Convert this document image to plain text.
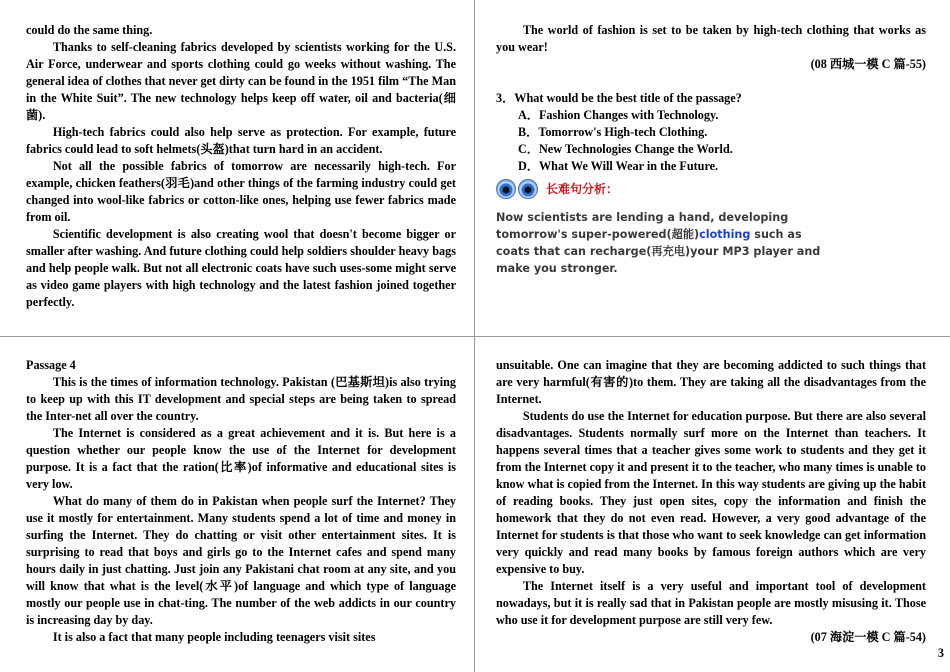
could do the same thing.

Thanks to self-cleaning fabrics developed by scientists working for the U.S. Air Force, underwear and sports clothing could go weeks without washing. The general idea of clothes that never get dirty can be found in the 1951 film “The Man in the White Suit”. The new technology helps keep off water, oil and bacteria(细菌).

High-tech fabrics could also help serve as protection. For example, future fabrics could lead to soft helmets(头盔)that turn hard in an accident.

Not all the possible fabrics of tomorrow are necessarily high-tech. For example, chicken feathers(羽毛)and other things of the farming industry could get changed into wool-like fabrics or cotton-like ones, helping use fewer fabrics made from oil.

Scientific development is also creating wool that doesn't become bigger or smaller after washing. And future clothing could help soldiers shoulder heavy bags and help people walk. But not all electronic coats have such uses-some might serve as video game players with high technology and the latest fashion joined together perfectly.

The world of fashion is set to be taken by high-tech clothing that works as you wear!

(08 西城一模 C 篇-55)

3．What would be the best title of the passage?

A．Fashion Changes with Technology.

B．Tomorrow's High-tech Clothing.

C．New Technologies Change the World.

D．What We Will Wear in the Future.

长难句分析：
Now scientists are lending a hand, developing tomorrow's super-powered(超能)clothing such as coats that can recharge(再充电)your MP3 player and make you stronger.

Passage 4

This is the times of information technology. Pakistan (巴基斯坦)is also trying to keep up with this IT development and special steps are being taken to spread the Inter-net all over the country.

The Internet is considered as a great achievement and it is. But here is a question whether our people know the use of the Internet for development purpose. It is a fact that the ration(比率)of informative and educational sites is very low.

What do many of them do in Pakistan when people surf the Internet? They use it mostly for entertainment. Many students spend a lot of time and money in surfing the Internet. They do chatting or visit other entertainment sites. It is surprising to read that boys and girls go to the Internet cafes and spend many hours daily in just chatting. Just join any Pakistani chat room at any site, and you will know that what is the level(水平)of language and which type of language mostly our people use in chat-ting. The number of the web addicts in our country is increasing day by day.

It is also a fact that many people including teenagers visit sites

unsuitable. One can imagine that they are becoming addicted to such things that are very harmful(有害的)to them. They are taking all the disadvantages from the Internet.

Students do use the Internet for education purpose. But there are also several disadvantages. Students normally surf more on the Internet than teachers. It happens several times that a teacher gives some work to students and they get it from the Internet copy it and present it to the teacher, who many times is unable to know what is copied from the Internet. In this way students are giving up the habit of reading books. They just open sites, copy the information and finish the homework that they do not even read. However, a very good advantage of the Internet for students is that those who want to seek knowledge can get information very quickly and read many books by famous foreign authors which are very expensive to buy.

The Internet itself is a very useful and important tool of development nowadays, but it is really sad that in Pakistan people are mostly misusing it. Those who use it for development purpose are still very few.

(07 海淀一模 C 篇-54)

3
